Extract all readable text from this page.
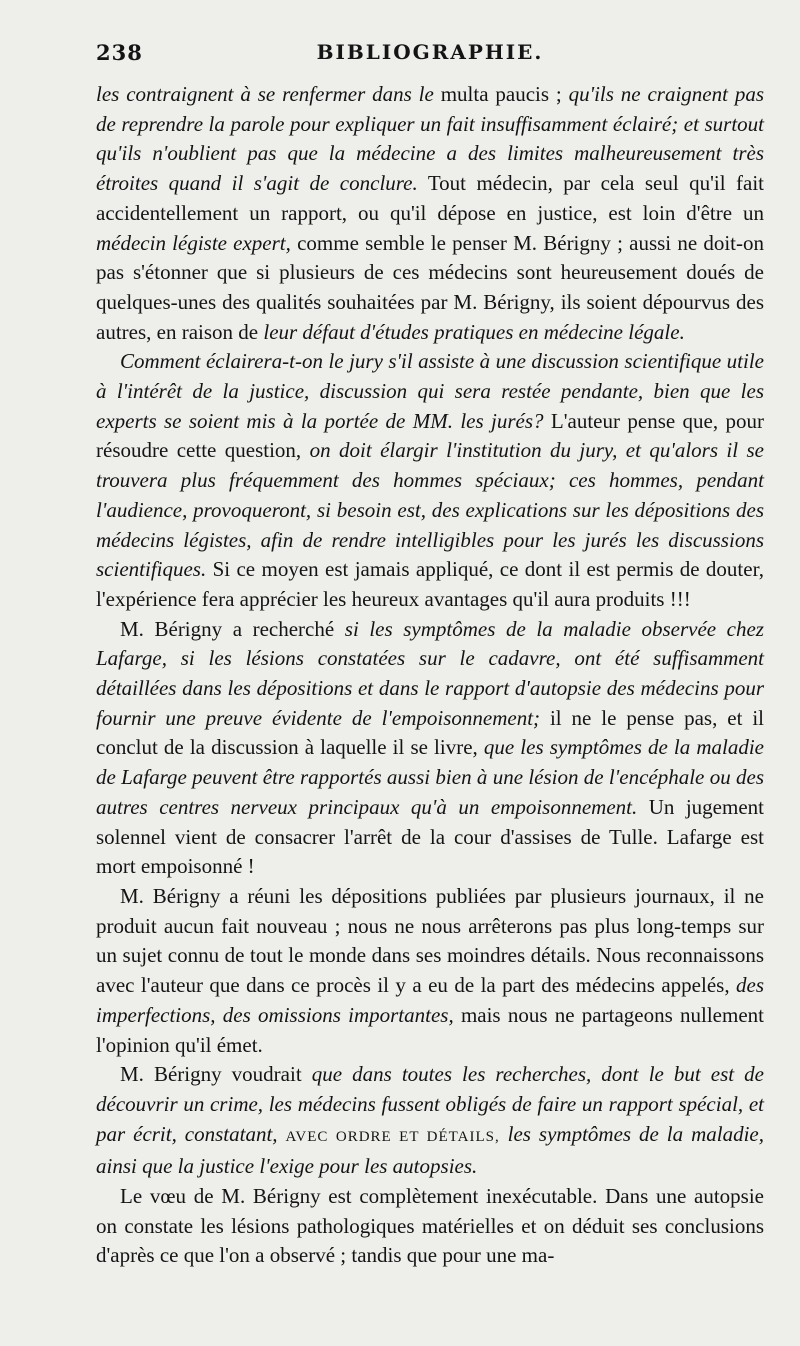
238	BIBLIOGRAPHIE.

les contraignent à se renfermer dans le multa paucis ; qu'ils ne craignent pas de reprendre la parole pour expliquer un fait insuffisamment éclairé; et surtout qu'ils n'oublient pas que la médecine a des limites malheureusement très étroites quand il s'agit de conclure. Tout médecin, par cela seul qu'il fait accidentellement un rapport, ou qu'il dépose en justice, est loin d'être un médecin légiste expert, comme semble le penser M. Bérigny ; aussi ne doit-on pas s'étonner que si plusieurs de ces médecins sont heureusement doués de quelques-unes des qualités souhaitées par M. Bérigny, ils soient dépourvus des autres, en raison de leur défaut d'études pratiques en médecine légale.

Comment éclairera-t-on le jury s'il assiste à une discussion scientifique utile à l'intérêt de la justice, discussion qui sera restée pendante, bien que les experts se soient mis à la portée de MM. les jurés? L'auteur pense que, pour résoudre cette question, on doit élargir l'institution du jury, et qu'alors il se trouvera plus fréquemment des hommes spéciaux; ces hommes, pendant l'audience, provoqueront, si besoin est, des explications sur les dépositions des médecins légistes, afin de rendre intelligibles pour les jurés les discussions scientifiques. Si ce moyen est jamais appliqué, ce dont il est permis de douter, l'expérience fera apprécier les heureux avantages qu'il aura produits !!!

M. Bérigny a recherché si les symptômes de la maladie observée chez Lafarge, si les lésions constatées sur le cadavre, ont été suffisamment détaillées dans les dépositions et dans le rapport d'autopsie des médecins pour fournir une preuve évidente de l'empoisonnement; il ne le pense pas, et il conclut de la discussion à laquelle il se livre, que les symptômes de la maladie de Lafarge peuvent être rapportés aussi bien à une lésion de l'encéphale ou des autres centres nerveux principaux qu'à un empoisonnement. Un jugement solennel vient de consacrer l'arrêt de la cour d'assises de Tulle. Lafarge est mort empoisonné !

M. Bérigny a réuni les dépositions publiées par plusieurs journaux, il ne produit aucun fait nouveau ; nous ne nous arrêterons pas plus long-temps sur un sujet connu de tout le monde dans ses moindres détails. Nous reconnaissons avec l'auteur que dans ce procès il y a eu de la part des médecins appelés, des imperfections, des omissions importantes, mais nous ne partageons nullement l'opinion qu'il émet.

M. Bérigny voudrait que dans toutes les recherches, dont le but est de découvrir un crime, les médecins fussent obligés de faire un rapport spécial, et par écrit, constatant, AVEC ORDRE ET DÉTAILS, les symptômes de la maladie, ainsi que la justice l'exige pour les autopsies.

Le vœu de M. Bérigny est complètement inexécutable. Dans une autopsie on constate les lésions pathologiques matérielles et on déduit ses conclusions d'après ce que l'on a observé ; tandis que pour une ma-
